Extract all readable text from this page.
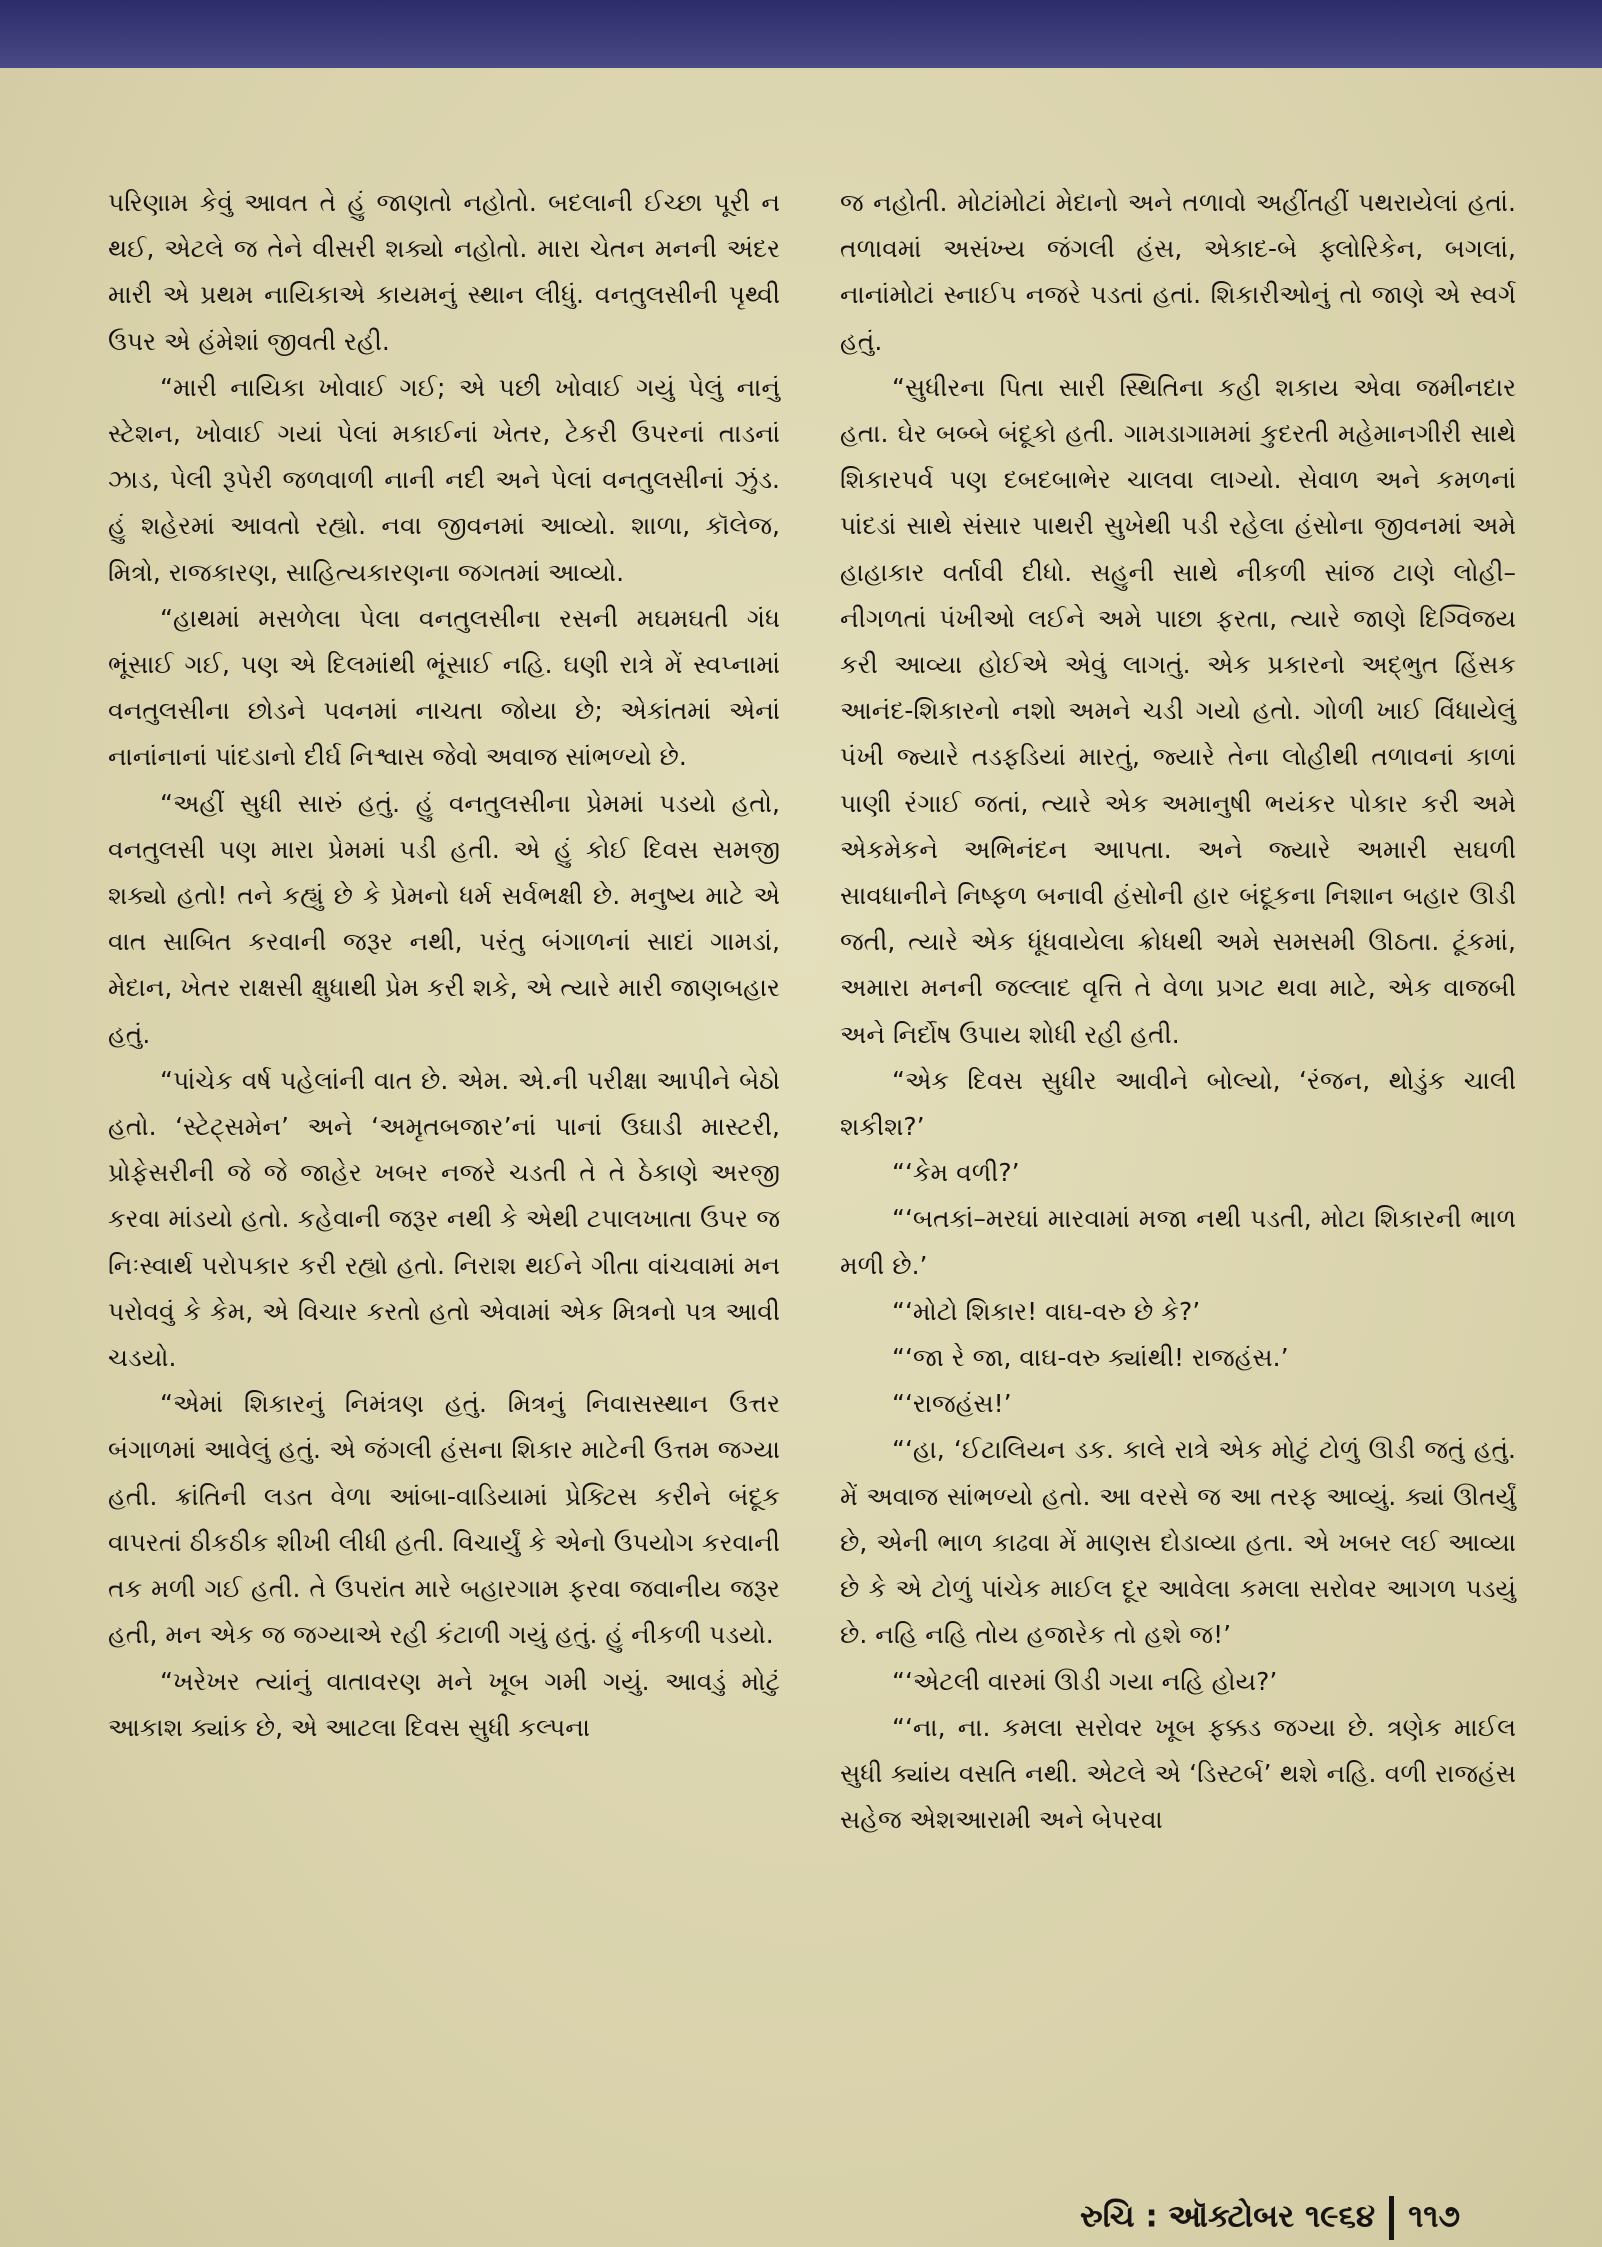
પરિણામ કેવું આવત તે હું જાણતો નહોતો. બદલાની ઈચ્છા પૂરી ન થઈ, એટલે જ તેને વીસરી શક્યો નહોતો. મારા ચેતન મનની અંદર મારી એ પ્રથમ નાયિકાએ કાયમનું સ્થાન લીધું. વનતુલસીની પૃથ્વી ઉપર એ હંમેશાં જીવતી રહી.

“મારી નાયિકા ખોવાઈ ગઈ; એ પછી ખોવાઈ ગયું પેલું નાનું સ્ટેશન, ખોવાઈ ગયાં પેલાં મકાઈનાં ખેતર, ટેકરી ઉપરનાં તાડનાં ઝાડ, પેલી રૂપેરી જળવાળી નાની નદી અને પેલાં વનતુલસીનાં ઝુંડ. હું શહેરમાં આવતો રહ્યો. નવા જીવનમાં આવ્યો. શાળા, કૉલેજ, મિત્રો, રાજકારણ, સાહિત્યકારણના જગતમાં આવ્યો.

“હાથમાં મસળેલા પેલા વનતુલસીના રસની મઘમઘતી ગંધ ભૂંસાઈ ગઈ, પણ એ દિલમાંથી ભૂંસાઈ નહિ. ઘણી રાત્રે મેં સ્વપ્નામાં વનતુલસીના છોડને પવનમાં નાચતા જોયા છે; એકાંતમાં એનાં નાનાંનાનાં પાંદડાનો દીર્ઘ નિશ્વાસ જેવો અવાજ સાંભળ્યો છે.

“અહીં સુધી સારું હતું. હું વનતુલસીના પ્રેમમાં પડયો હતો, વનતુલસી પણ મારા પ્રેમમાં પડી હતી. એ હું કોઈ દિવસ સમજી શક્યો હતો! તને કહ્યું છે કે પ્રેમનો ધર્મ સર્વભક્ષી છે. મનુષ્ય માટે એ વાત સાબિત કરવાની જરૂર નથી, પરંતુ બંગાળનાં સાદાં ગામડાં, મેદાન, ખેતર રાક્ષસી ક્ષુધાથી પ્રેમ કરી શકે, એ ત્યારે મારી જાણબહાર હતું.

“પાંચેક વર્ષ પહેલાંની વાત છે. એમ. એ.ની પરીક્ષા આપીને બેઠો હતો. ‘સ્ટેટ્સમેન’ અને ‘અમૃતબજાર’નાં પાનાં ઉઘાડી માસ્ટરી, પ્રોફેસરીની જે જે જાહેર ખબર નજરે ચડતી તે તે ઠેકાણે અરજી કરવા માંડયો હતો. કહેવાની જરૂર નથી કે એથી ટપાલખાતા ઉપર જ નિઃસ્વાર્થ પરોપકાર કરી રહ્યો હતો. નિરાશ થઈને ગીતા વાંચવામાં મન પરોવવું કે કેમ, એ વિચાર કરતો હતો એવામાં એક મિત્રનો પત્ર આવી ચડયો.

“એમાં શિકારનું નિમંત્રણ હતું. મિત્રનું નિવાસસ્થાન ઉત્તર બંગાળમાં આવેલું હતું. એ જંગલી હંસના શિકાર માટેની ઉત્તમ જગ્યા હતી. ક્રાંતિની લડત વેળા આંબા-વાડિયામાં પ્રેક્ટિસ કરીને બંદૂક વાપરતાં ઠીકઠીક શીખી લીધી હતી. વિચાર્યું કે એનો ઉપયોગ કરવાની તક મળી ગઈ હતી. તે ઉપરાંત મારે બહારગામ ફરવા જવાનીય જરૂર હતી, મન એક જ જગ્યાએ રહી કંટાળી ગયું હતું. હું નીકળી પડયો.

“ખરેખર ત્યાંનું વાતાવરણ મને ખૂબ ગમી ગયું. આવડું મોટું આકાશ ક્યાંક છે, એ આટલા દિવસ સુધી કલ્પના

જ નહોતી. મોટાંમોટાં મેદાનો અને તળાવો અહીંતહીં પથરાયેલાં હતાં. તળાવમાં અસંખ્ય જંગલી હંસ, એકાદ-બે ફ્લોરિકેન, બગલાં, નાનાંમોટાં સ્નાઈપ નજરે પડતાં હતાં. શિકારીઓનું તો જાણે એ સ્વર્ગ હતું.

“સુધીરના પિતા સારી સ્થિતિના કહી શકાય એવા જમીનદાર હતા. ઘેર બબ્બે બંદૂકો હતી. ગામડાગામમાં કુદરતી મહેમાનગીરી સાથે શિકારપર્વ પણ દબદબાભેર ચાલવા લાગ્યો. સેવાળ અને કમળનાં પાંદડાં સાથે સંસાર પાથરી સુખેથી પડી રહેલા હંસોના જીવનમાં અમે હાહાકાર વર્તાવી દીધો. સહુની સાથે નીકળી સાંજ ટાણે લોહી–નીગળતાં પંખીઓ લઈને અમે પાછા ફરતા, ત્યારે જાણે દિગ્વિજય કરી આવ્યા હોઈએ એવું લાગતું. એક પ્રકારનો અદ્ભુત હિંસક આનંદ-શિકારનો નશો અમને ચડી ગયો હતો. ગોળી ખાઈ વિંધાયેલું પંખી જ્યારે તડફડિયાં મારતું, જ્યારે તેના લોહીથી તળાવનાં કાળાં પાણી રંગાઈ જતાં, ત્યારે એક અમાનુષી ભયંકર પોકાર કરી અમે એકમેકને અભિનંદન આપતા. અને જ્યારે અમારી સઘળી સાવધાનીને નિષ્ફળ બનાવી હંસોની હાર બંદૂકના નિશાન બહાર ઊડી જતી, ત્યારે એક ધૂંધવાયેલા ક્રોધથી અમે સમસમી ઊઠતા. ટૂંકમાં, અમારા મનની જલ્લાદ વૃત્તિ તે વેળા પ્રગટ થવા માટે, એક વાજબી અને નિર્દોષ ઉપાય શોધી રહી હતી.

“એક દિવસ સુધીર આવીને બોલ્યો, ‘રંજન, થોડુંક ચાલી શકીશ?’

“‘કેમ વળી?’

“‘બતકાં–મરઘાં મારવામાં મજા નથી પડતી, મોટા શિકારની ભાળ મળી છે.’

“‘મોટો શિકાર! વાઘ-વરુ છે કે?’

“‘જા રે જા, વાઘ-વરુ ક્યાંથી! રાજહંસ.’

“‘રાજહંસ!’

“‘હા, ‘ઈટાલિયન ડક. કાલે રાત્રે એક મોટું ટોળું ઊડી જતું હતું. મેં અવાજ સાંભળ્યો હતો. આ વરસે જ આ તરફ આવ્યું. ક્યાં ઊતર્યું છે, એની ભાળ કાઢવા મેં માણસ દોડાવ્યા હતા. એ ખબર લઈ આવ્યા છે કે એ ટોળું પાંચેક માઈલ દૂર આવેલા કમલા સરોવર આગળ પડયું છે. નહિ નહિ તોય હજારેક તો હશે જ!’

“‘એટલી વારમાં ઊડી ગયા નહિ હોય?’

“‘ના, ના. કમલા સરોવર ખૂબ ફક્કડ જગ્યા છે. ત્રણેક માઈલ સુધી ક્યાંય વસતિ નથી. એટલે એ ‘ડિસ્ટર્બ’ થશે નહિ. વળી રાજહંસ સહેજ એશઆરામી અને બેપરવા

રુચિ : ઑક્ટોબર ૧૯૬૪ ૧૧૭
